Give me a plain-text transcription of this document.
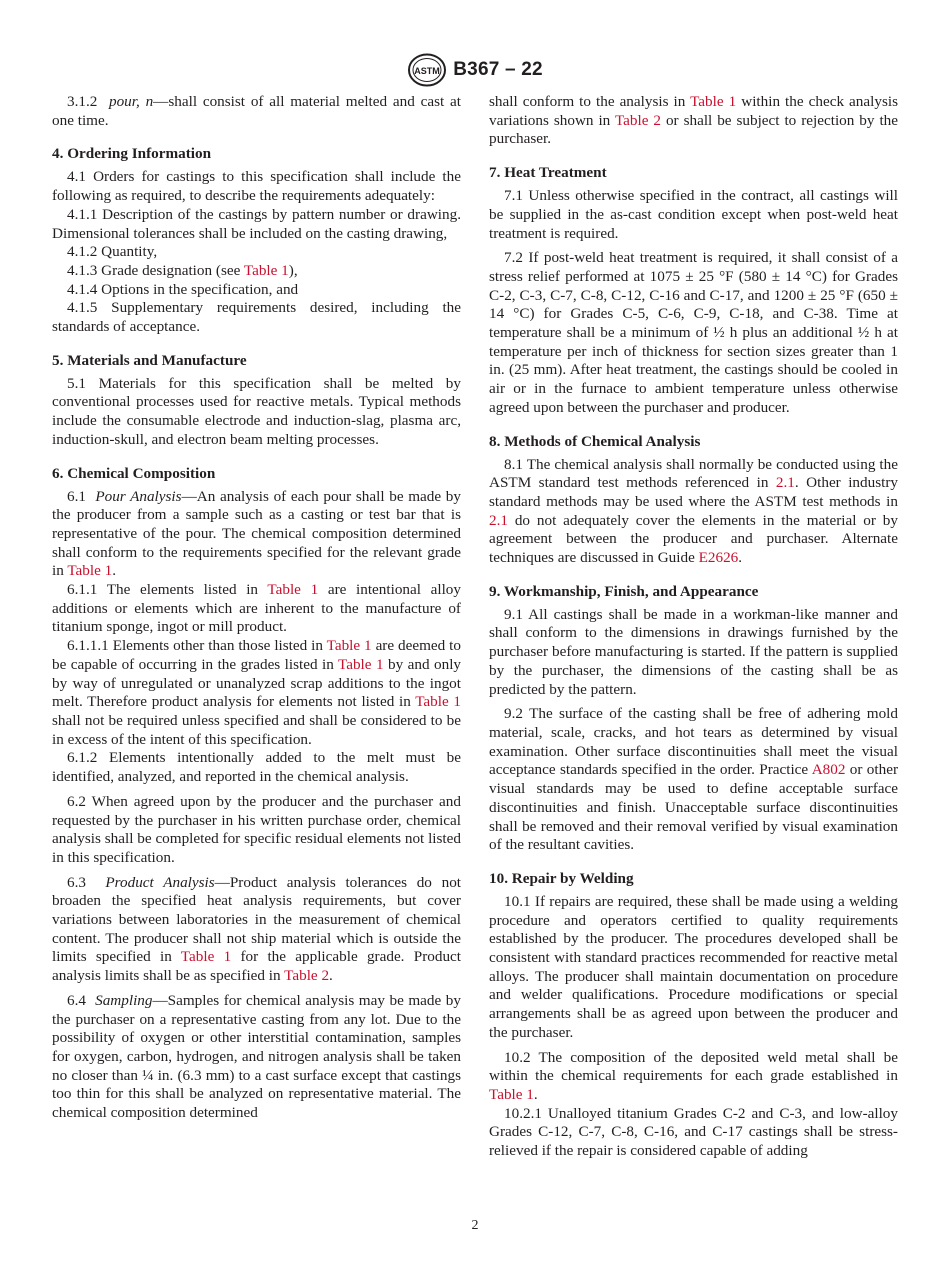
ASTM B367 – 22

3.1.2 pour, n—shall consist of all material melted and cast at one time.

4. Ordering Information

4.1 Orders for castings to this specification shall include the following as required, to describe the requirements adequately:

4.1.1 Description of the castings by pattern number or drawing. Dimensional tolerances shall be included on the casting drawing,

4.1.2 Quantity,

4.1.3 Grade designation (see Table 1),

4.1.4 Options in the specification, and

4.1.5 Supplementary requirements desired, including the standards of acceptance.

5. Materials and Manufacture

5.1 Materials for this specification shall be melted by conventional processes used for reactive metals. Typical methods include the consumable electrode and induction-slag, plasma arc, induction-skull, and electron beam melting processes.

6. Chemical Composition

6.1 Pour Analysis—An analysis of each pour shall be made by the producer from a sample such as a casting or test bar that is representative of the pour. The chemical composition determined shall conform to the requirements specified for the relevant grade in Table 1.

6.1.1 The elements listed in Table 1 are intentional alloy additions or elements which are inherent to the manufacture of titanium sponge, ingot or mill product.

6.1.1.1 Elements other than those listed in Table 1 are deemed to be capable of occurring in the grades listed in Table 1 by and only by way of unregulated or unanalyzed scrap additions to the ingot melt. Therefore product analysis for elements not listed in Table 1 shall not be required unless specified and shall be considered to be in excess of the intent of this specification.

6.1.2 Elements intentionally added to the melt must be identified, analyzed, and reported in the chemical analysis.

6.2 When agreed upon by the producer and the purchaser and requested by the purchaser in his written purchase order, chemical analysis shall be completed for specific residual elements not listed in this specification.

6.3 Product Analysis—Product analysis tolerances do not broaden the specified heat analysis requirements, but cover variations between laboratories in the measurement of chemical content. The producer shall not ship material which is outside the limits specified in Table 1 for the applicable grade. Product analysis limits shall be as specified in Table 2.

6.4 Sampling—Samples for chemical analysis may be made by the purchaser on a representative casting from any lot. Due to the possibility of oxygen or other interstitial contamination, samples for oxygen, carbon, hydrogen, and nitrogen analysis shall be taken no closer than ¼ in. (6.3 mm) to a cast surface except that castings too thin for this shall be analyzed on representative material. The chemical composition determined

shall conform to the analysis in Table 1 within the check analysis variations shown in Table 2 or shall be subject to rejection by the purchaser.

7. Heat Treatment

7.1 Unless otherwise specified in the contract, all castings will be supplied in the as-cast condition except when post-weld heat treatment is required.

7.2 If post-weld heat treatment is required, it shall consist of a stress relief performed at 1075 ± 25 °F (580 ± 14 °C) for Grades C-2, C-3, C-7, C-8, C-12, C-16 and C-17, and 1200 ± 25 °F (650 ± 14 °C) for Grades C-5, C-6, C-9, C-18, and C-38. Time at temperature shall be a minimum of ½ h plus an additional ½ h at temperature per inch of thickness for section sizes greater than 1 in. (25 mm). After heat treatment, the castings should be cooled in air or in the furnace to ambient temperature unless otherwise agreed upon between the purchaser and producer.

8. Methods of Chemical Analysis

8.1 The chemical analysis shall normally be conducted using the ASTM standard test methods referenced in 2.1. Other industry standard methods may be used where the ASTM test methods in 2.1 do not adequately cover the elements in the material or by agreement between the producer and purchaser. Alternate techniques are discussed in Guide E2626.

9. Workmanship, Finish, and Appearance

9.1 All castings shall be made in a workman-like manner and shall conform to the dimensions in drawings furnished by the purchaser before manufacturing is started. If the pattern is supplied by the purchaser, the dimensions of the casting shall be as predicted by the pattern.

9.2 The surface of the casting shall be free of adhering mold material, scale, cracks, and hot tears as determined by visual examination. Other surface discontinuities shall meet the visual acceptance standards specified in the order. Practice A802 or other visual standards may be used to define acceptable surface discontinuities and finish. Unacceptable surface discontinuities shall be removed and their removal verified by visual examination of the resultant cavities.

10. Repair by Welding

10.1 If repairs are required, these shall be made using a welding procedure and operators certified to quality requirements established by the producer. The procedures developed shall be consistent with standard practices recommended for reactive metal alloys. The producer shall maintain documentation on procedure and welder qualifications. Procedure modifications or special arrangements shall be as agreed upon between the producer and the purchaser.

10.2 The composition of the deposited weld metal shall be within the chemical requirements for each grade established in Table 1.

10.2.1 Unalloyed titanium Grades C-2 and C-3, and low-alloy Grades C-12, C-7, C-8, C-16, and C-17 castings shall be stress-relieved if the repair is considered capable of adding

2
